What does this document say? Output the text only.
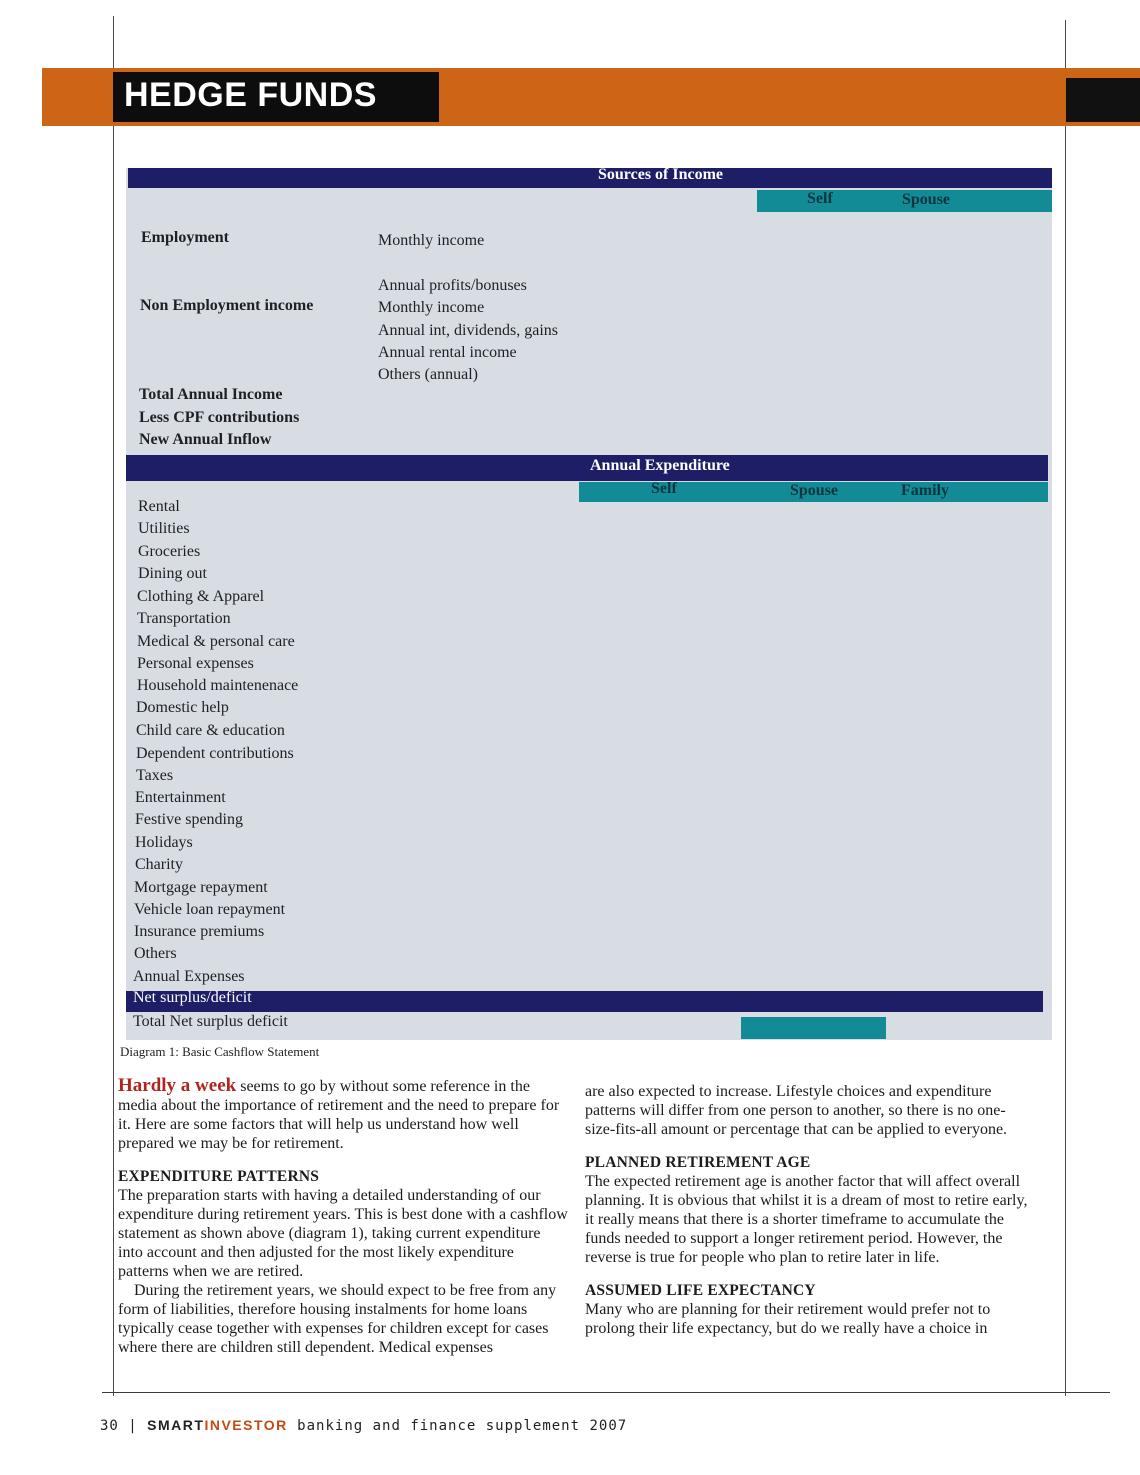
HEDGE FUNDS
Sources of Income
Self	Spouse
Employment	Monthly income
Annual profits/bonuses
Non Employment income	Monthly income
Annual int, dividends, gains
Annual rental income
Others (annual)
Total Annual Income
Less CPF contributions
New Annual Inflow
Annual Expenditure
Self	Spouse	Family
Rental
Utilities
Groceries
Dining out
Clothing & Apparel
Transportation
Medical & personal care
Personal expenses
Household maintenenace
Domestic help
Child care & education
Dependent contributions
Taxes
Entertainment
Festive spending
Holidays
Charity
Mortgage repayment
Vehicle loan repayment
Insurance premiums
Others
Annual Expenses
Net surplus/deficit
Total Net surplus deficit
Diagram 1: Basic Cashflow Statement

Hardly a week seems to go by without some reference in the media about the importance of retirement and the need to prepare for it. Here are some factors that will help us understand how well prepared we may be for retirement.

EXPENDITURE PATTERNS

The preparation starts with having a detailed understanding of our expenditure during retirement years. This is best done with a cashflow statement as shown above (diagram 1), taking current expenditure into account and then adjusted for the most likely expenditure patterns when we are retired.

During the retirement years, we should expect to be free from any form of liabilities, therefore housing instalments for home loans typically cease together with expenses for children except for cases where there are children still dependent. Medical expenses

are also expected to increase. Lifestyle choices and expenditure patterns will differ from one person to another, so there is no one-size-fits-all amount or percentage that can be applied to everyone.

PLANNED RETIREMENT AGE

The expected retirement age is another factor that will affect overall planning. It is obvious that whilst it is a dream of most to retire early, it really means that there is a shorter timeframe to accumulate the funds needed to support a longer retirement period. However, the reverse is true for people who plan to retire later in life.

ASSUMED LIFE EXPECTANCY

Many who are planning for their retirement would prefer not to prolong their life expectancy, but do we really have a choice in

30 | SMARTINVESTOR banking and finance supplement 2007
